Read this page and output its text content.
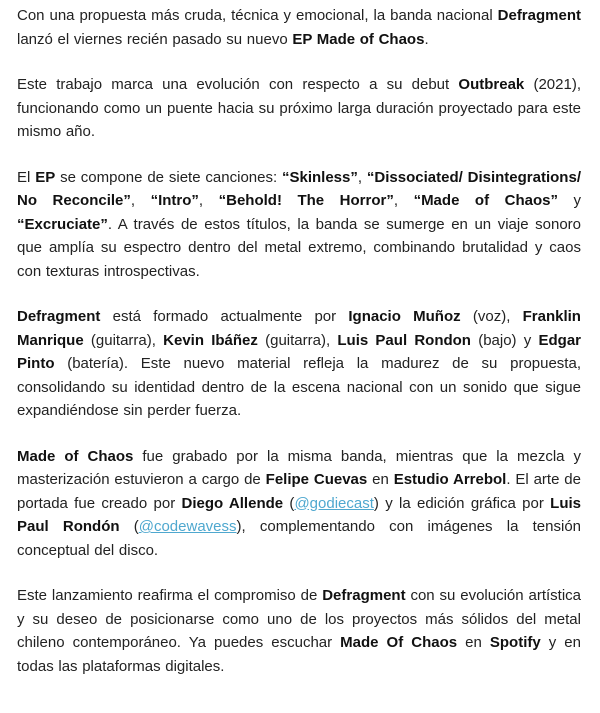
Con una propuesta más cruda, técnica y emocional, la banda nacional Defragment lanzó el viernes recién pasado su nuevo EP Made of Chaos.

Este trabajo marca una evolución con respecto a su debut Outbreak (2021), funcionando como un puente hacia su próximo larga duración proyectado para este mismo año.

El EP se compone de siete canciones: “Skinless”, “Dissociated/ Disintegrations/ No Reconcile”, “Intro”, “Behold! The Horror”, “Made of Chaos” y “Excruciate”. A través de estos títulos, la banda se sumerge en un viaje sonoro que amplía su espectro dentro del metal extremo, combinando brutalidad y caos con texturas introspectivas.

Defragment está formado actualmente por Ignacio Muñoz (voz), Franklin Manrique (guitarra), Kevin Ibáñez (guitarra), Luis Paul Rondon (bajo) y Edgar Pinto (batería). Este nuevo material refleja la madurez de su propuesta, consolidando su identidad dentro de la escena nacional con un sonido que sigue expandiéndose sin perder fuerza.

Made of Chaos fue grabado por la misma banda, mientras que la mezcla y masterización estuvieron a cargo de Felipe Cuevas en Estudio Arrebol. El arte de portada fue creado por Diego Allende (@godiecast) y la edición gráfica por Luis Paul Rondón (@codewavess), complementando con imágenes la tensión conceptual del disco.

Este lanzamiento reafirma el compromiso de Defragment con su evolución artística y su deseo de posicionarse como uno de los proyectos más sólidos del metal chileno contemporáneo. Ya puedes escuchar Made Of Chaos en Spotify y en todas las plataformas digitales.
